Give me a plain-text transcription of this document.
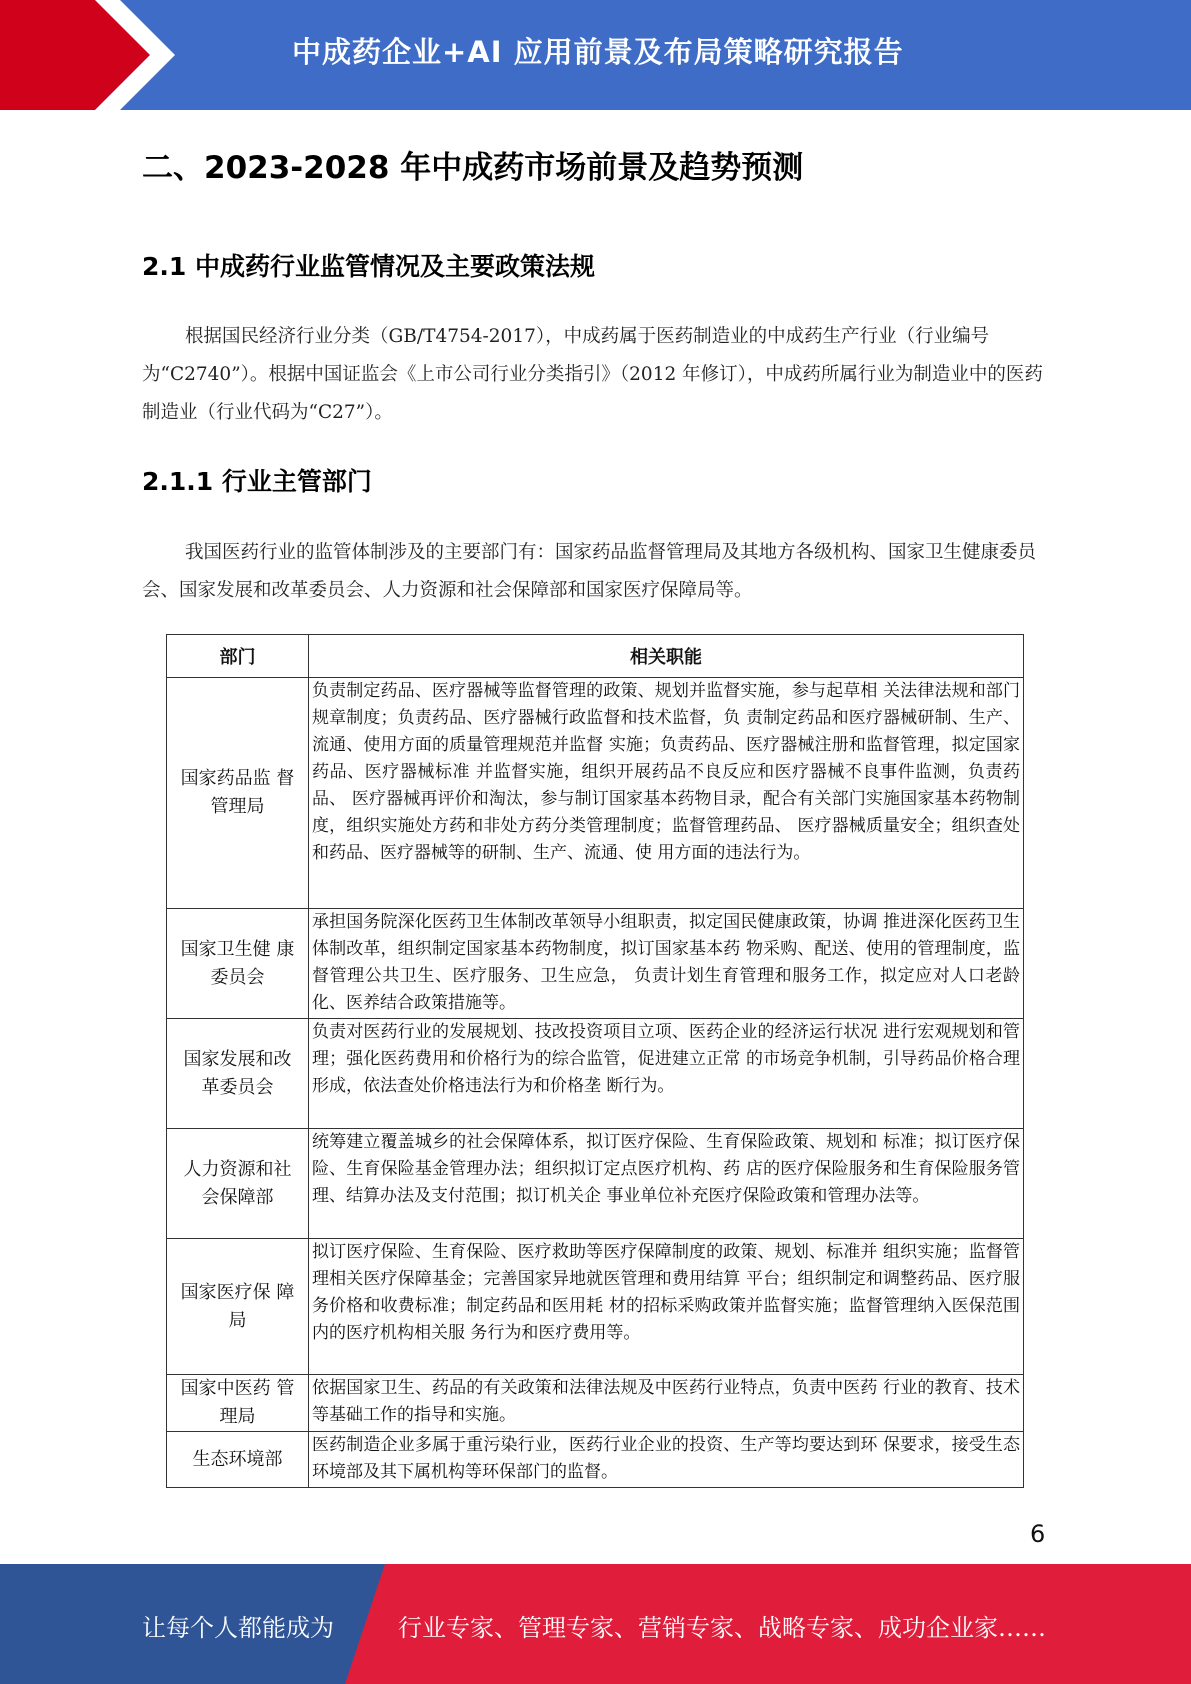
中成药企业+AI 应用前景及布局策略研究报告
二、2023-2028 年中成药市场前景及趋势预测
2.1 中成药行业监管情况及主要政策法规
根据国民经济行业分类（GB/T4754-2017），中成药属于医药制造业的中成药生产行业（行业编号为“C2740”）。根据中国证监会《上市公司行业分类指引》（2012 年修订），中成药所属行业为制造业中的医药制造业（行业代码为“C27”）。
2.1.1 行业主管部门
我国医药行业的监管体制涉及的主要部门有：国家药品监督管理局及其地方各级机构、国家卫生健康委员会、国家发展和改革委员会、人力资源和社会保障部和国家医疗保障局等。
部门	相关职能
国家药品监 督管理局	负责制定药品、医疗器械等监督管理的政策、规划并监督实施，参与起草相 关法律法规和部门规章制度；负责药品、医疗器械行政监督和技术监督，负 责制定药品和医疗器械研制、生产、流通、使用方面的质量管理规范并监督 实施；负责药品、医疗器械注册和监督管理，拟定国家药品、医疗器械标准 并监督实施，组织开展药品不良反应和医疗器械不良事件监测，负责药品、 医疗器械再评价和淘汰，参与制订国家基本药物目录，配合有关部门实施国家基本药物制度，组织实施处方药和非处方药分类管理制度；监督管理药品、 医疗器械质量安全；组织查处和药品、医疗器械等的研制、生产、流通、使 用方面的违法行为。
国家卫生健 康委员会	承担国务院深化医药卫生体制改革领导小组职责，拟定国民健康政策，协调 推进深化医药卫生体制改革，组织制定国家基本药物制度，拟订国家基本药 物采购、配送、使用的管理制度，监督管理公共卫生、医疗服务、卫生应急， 负责计划生育管理和服务工作，拟定应对人口老龄化、医养结合政策措施等。
国家发展和改革委员会	负责对医药行业的发展规划、技改投资项目立项、医药企业的经济运行状况 进行宏观规划和管理；强化医药费用和价格行为的综合监管，促进建立正常 的市场竞争机制，引导药品价格合理形成，依法查处价格违法行为和价格垄 断行为。
人力资源和社会保障部	统筹建立覆盖城乡的社会保障体系，拟订医疗保险、生育保险政策、规划和 标准；拟订医疗保险、生育保险基金管理办法；组织拟订定点医疗机构、药 店的医疗保险服务和生育保险服务管理、结算办法及支付范围；拟订机关企 事业单位补充医疗保险政策和管理办法等。
国家医疗保 障局	拟订医疗保险、生育保险、医疗救助等医疗保障制度的政策、规划、标准并 组织实施；监督管理相关医疗保障基金；完善国家异地就医管理和费用结算 平台；组织制定和调整药品、医疗服务价格和收费标准；制定药品和医用耗 材的招标采购政策并监督实施；监督管理纳入医保范围内的医疗机构相关服 务行为和医疗费用等。
国家中医药 管理局	依据国家卫生、药品的有关政策和法律法规及中医药行业特点，负责中医药 行业的教育、技术等基础工作的指导和实施。
生态环境部	医药制造企业多属于重污染行业，医药行业企业的投资、生产等均要达到环 保要求，接受生态环境部及其下属机构等环保部门的监督。
6
让每个人都能成为	行业专家、管理专家、营销专家、战略专家、成功企业家……
